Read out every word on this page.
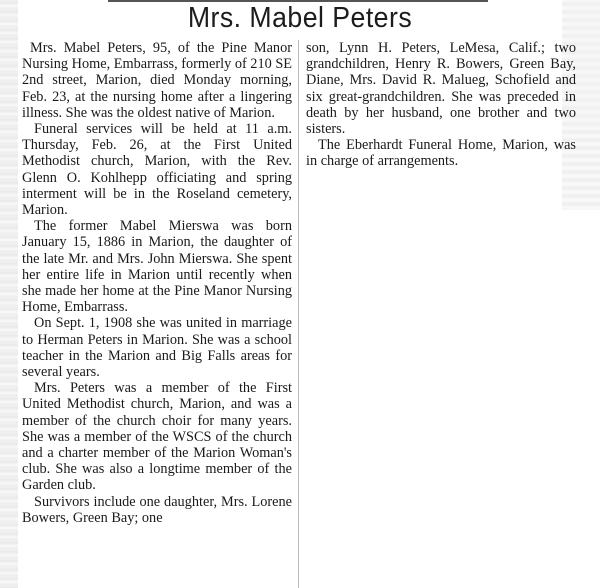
Mrs. Mabel Peters

Mrs. Mabel Peters, 95, of the Pine Manor Nursing Home, Embarrass, formerly of 210 SE 2nd street, Marion, died Monday morning, Feb. 23, at the nursing home after a lingering illness. She was the oldest native of Marion.

Funeral services will be held at 11 a.m. Thursday, Feb. 26, at the First United Methodist church, Marion, with the Rev. Glenn O. Kohlhepp officiating and spring interment will be in the Roseland cemetery, Marion.

The former Mabel Mierswa was born January 15, 1886 in Marion, the daughter of the late Mr. and Mrs. John Mierswa. She spent her entire life in Marion until recently when she made her home at the Pine Manor Nursing Home, Embarrass.

On Sept. 1, 1908 she was united in marriage to Herman Peters in Marion. She was a school teacher in the Marion and Big Falls areas for several years.

Mrs. Peters was a member of the First United Methodist church, Marion, and was a member of the church choir for many years. She was a member of the WSCS of the church and a charter member of the Marion Woman's club. She was also a longtime member of the Garden club.

Survivors include one daughter, Mrs. Lorene Bowers, Green Bay; one

son, Lynn H. Peters, LeMesa, Calif.; two grandchildren, Henry R. Bowers, Green Bay, Diane, Mrs. David R. Malueg, Schofield and six great-grandchildren. She was preceded in death by her husband, one brother and two sisters.

The Eberhardt Funeral Home, Marion, was in charge of arrangements.
